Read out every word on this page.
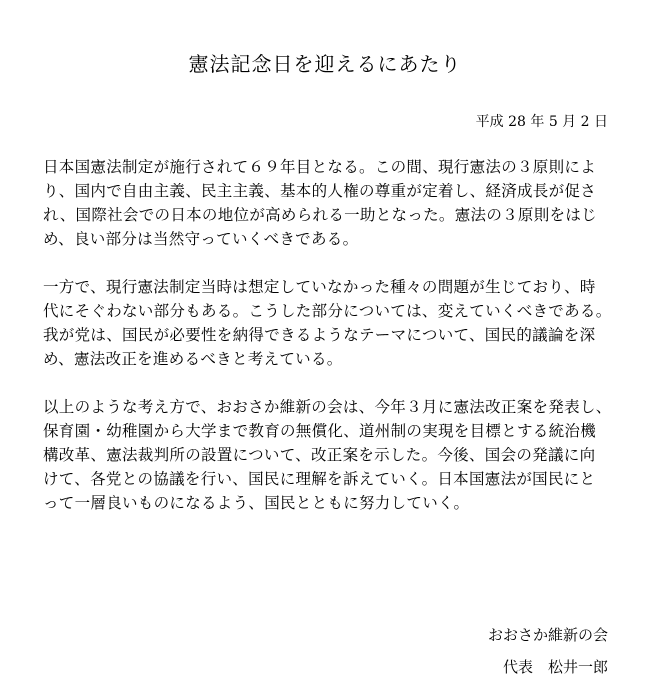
憲法記念日を迎えるにあたり
平成 28 年 5 月 2 日
日本国憲法制定が施行されて６９年目となる。この間、現行憲法の３原則によ
り、国内で自由主義、民主主義、基本的人権の尊重が定着し、経済成長が促さ
れ、国際社会での日本の地位が高められる一助となった。憲法の３原則をはじ
め、良い部分は当然守っていくべきである。
一方で、現行憲法制定当時は想定していなかった種々の問題が生じており、時
代にそぐわない部分もある。こうした部分については、変えていくべきである。
我が党は、国民が必要性を納得できるようなテーマについて、国民的議論を深
め、憲法改正を進めるべきと考えている。
以上のような考え方で、おおさか維新の会は、今年３月に憲法改正案を発表し、
保育園・幼稚園から大学まで教育の無償化、道州制の実現を目標とする統治機
構改革、憲法裁判所の設置について、改正案を示した。今後、国会の発議に向
けて、各党との協議を行い、国民に理解を訴えていく。日本国憲法が国民にと
って一層良いものになるよう、国民とともに努力していく。
おおさか維新の会
代表　松井一郎
